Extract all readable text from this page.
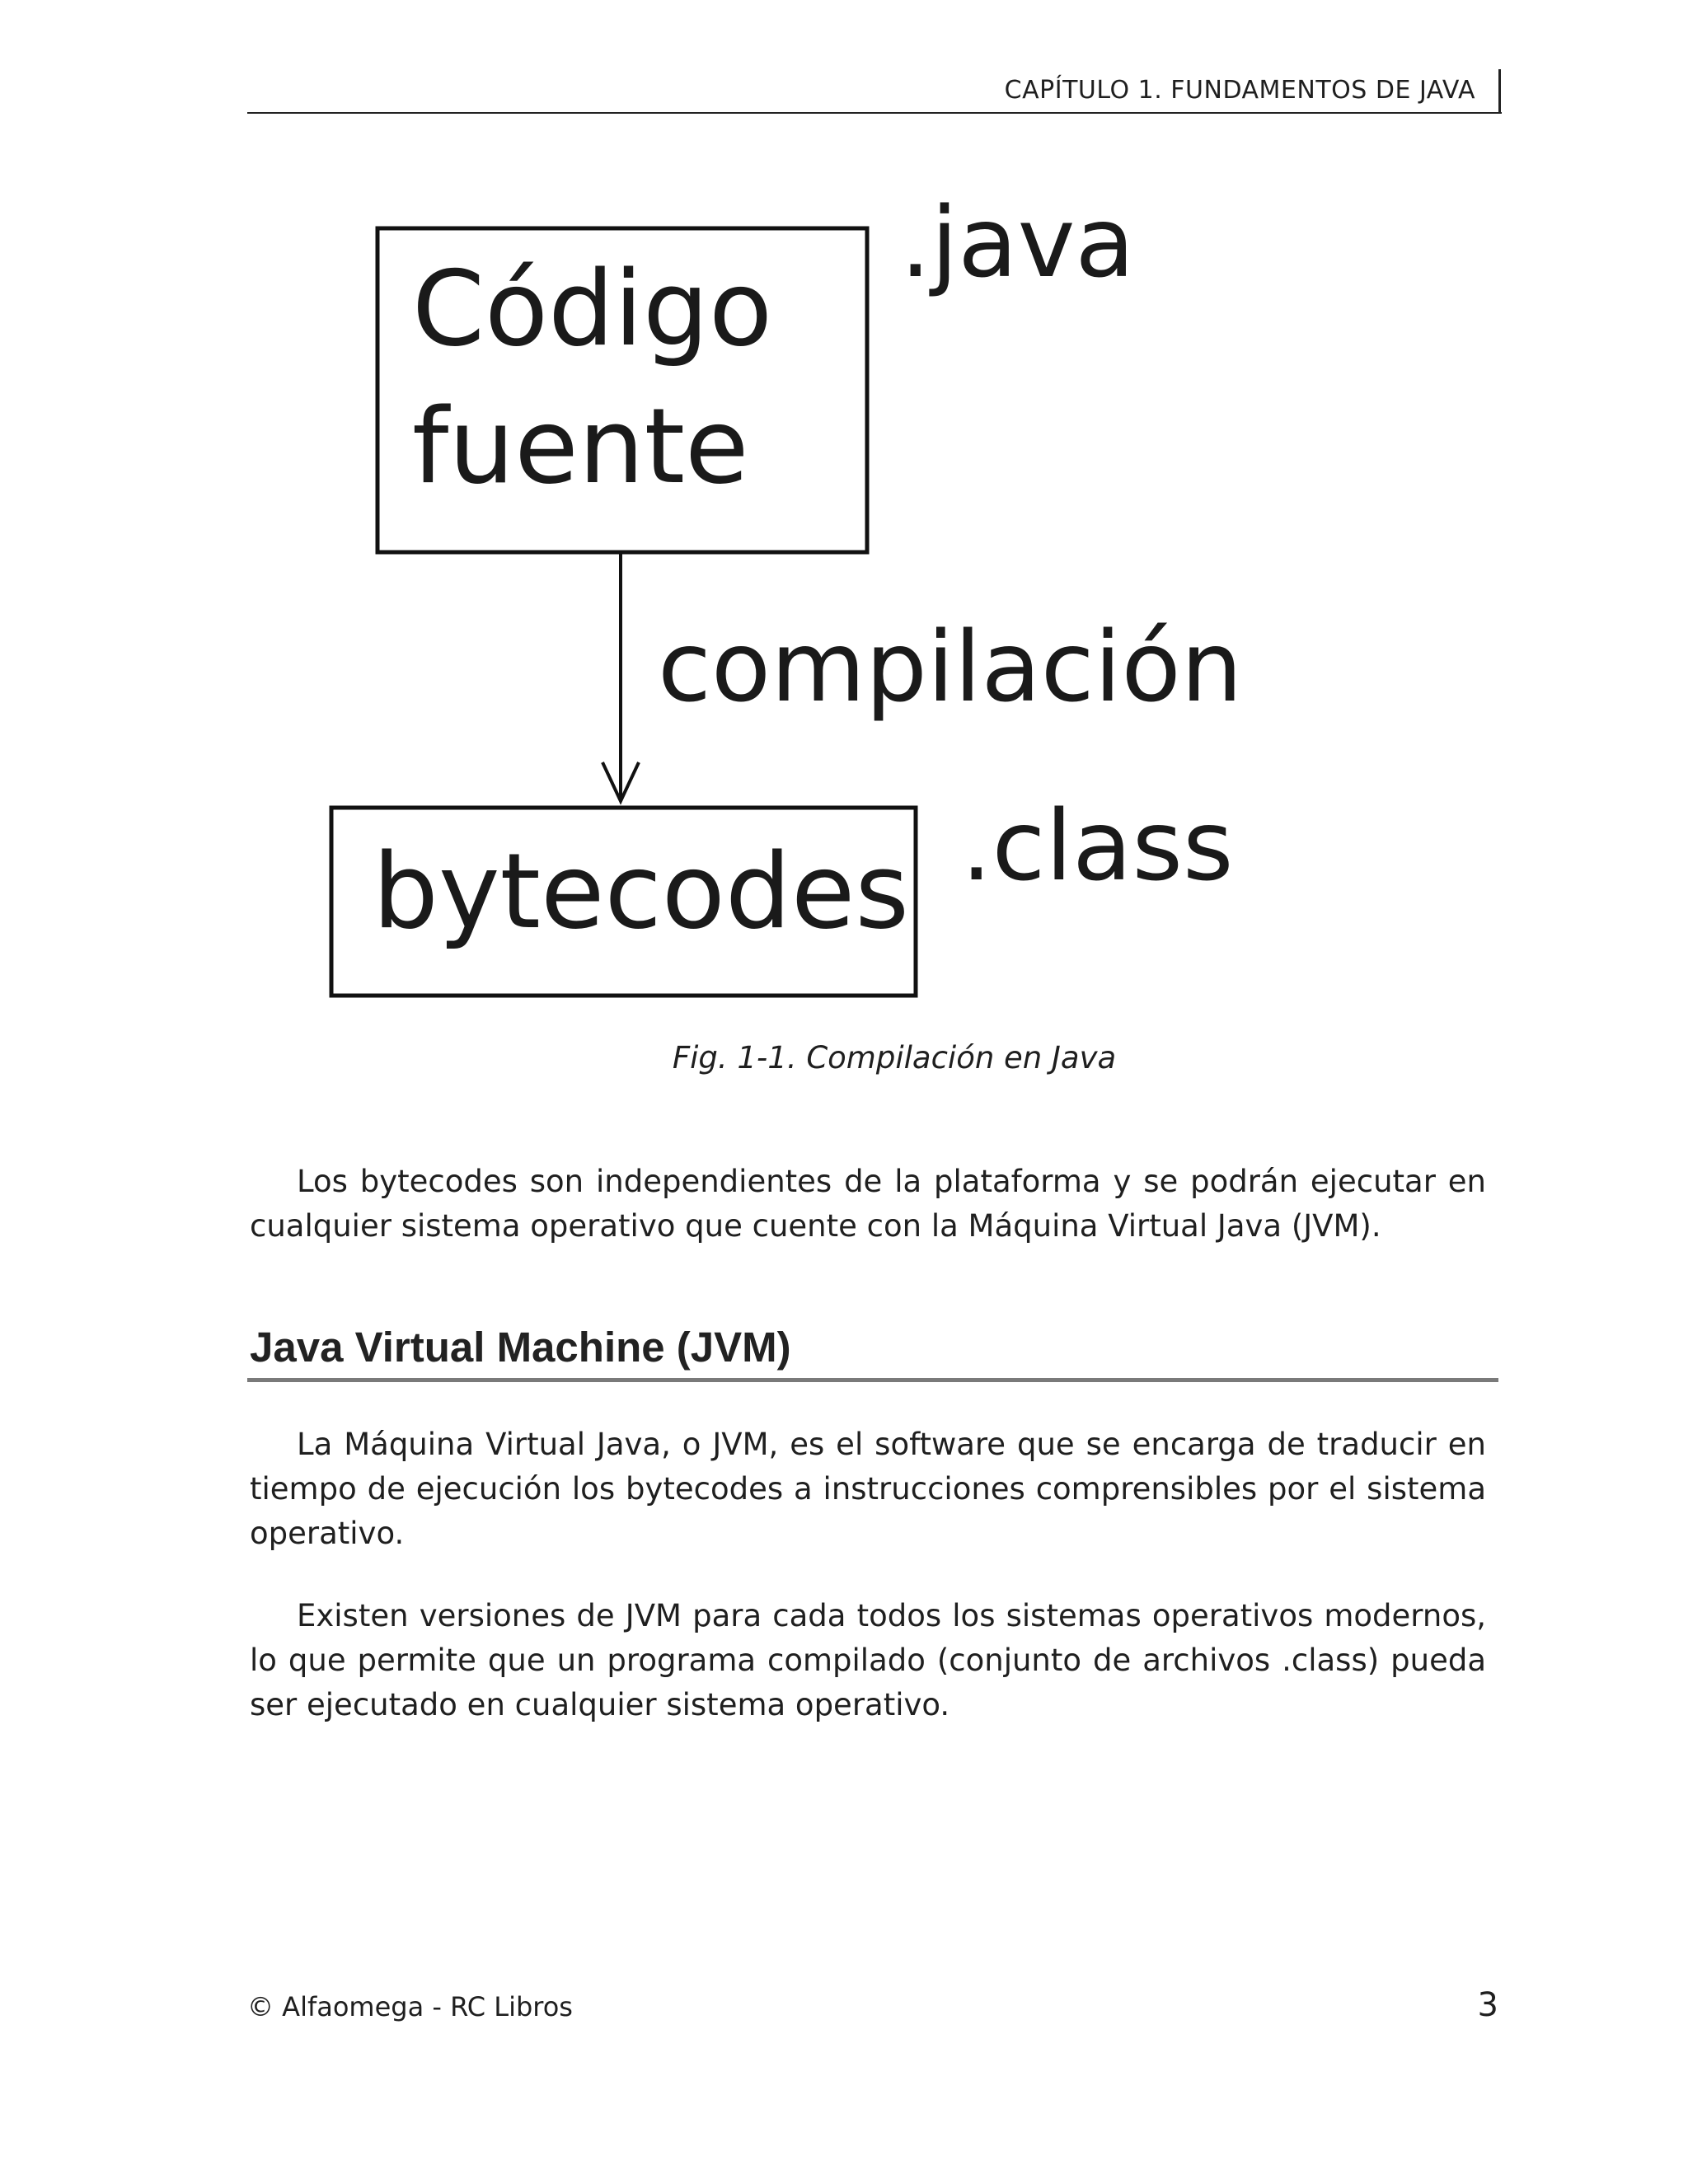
CAPÍTULO 1. FUNDAMENTOS DE JAVA
Código
fuente
.java
compilación
bytecodes .class
Fig. 1-1. Compilación en Java
Los bytecodes son independientes de la plataforma y se podrán ejecutar en cualquier sistema operativo que cuente con la Máquina Virtual Java (JVM).
Java Virtual Machine (JVM)
La Máquina Virtual Java, o JVM, es el software que se encarga de traducir en tiempo de ejecución los bytecodes a instrucciones comprensibles por el sistema operativo.
Existen versiones de JVM para cada todos los sistemas operativos modernos, lo que permite que un programa compilado (conjunto de archivos .class) pueda ser ejecutado en cualquier sistema operativo.
© Alfaomega - RC Libros	3
